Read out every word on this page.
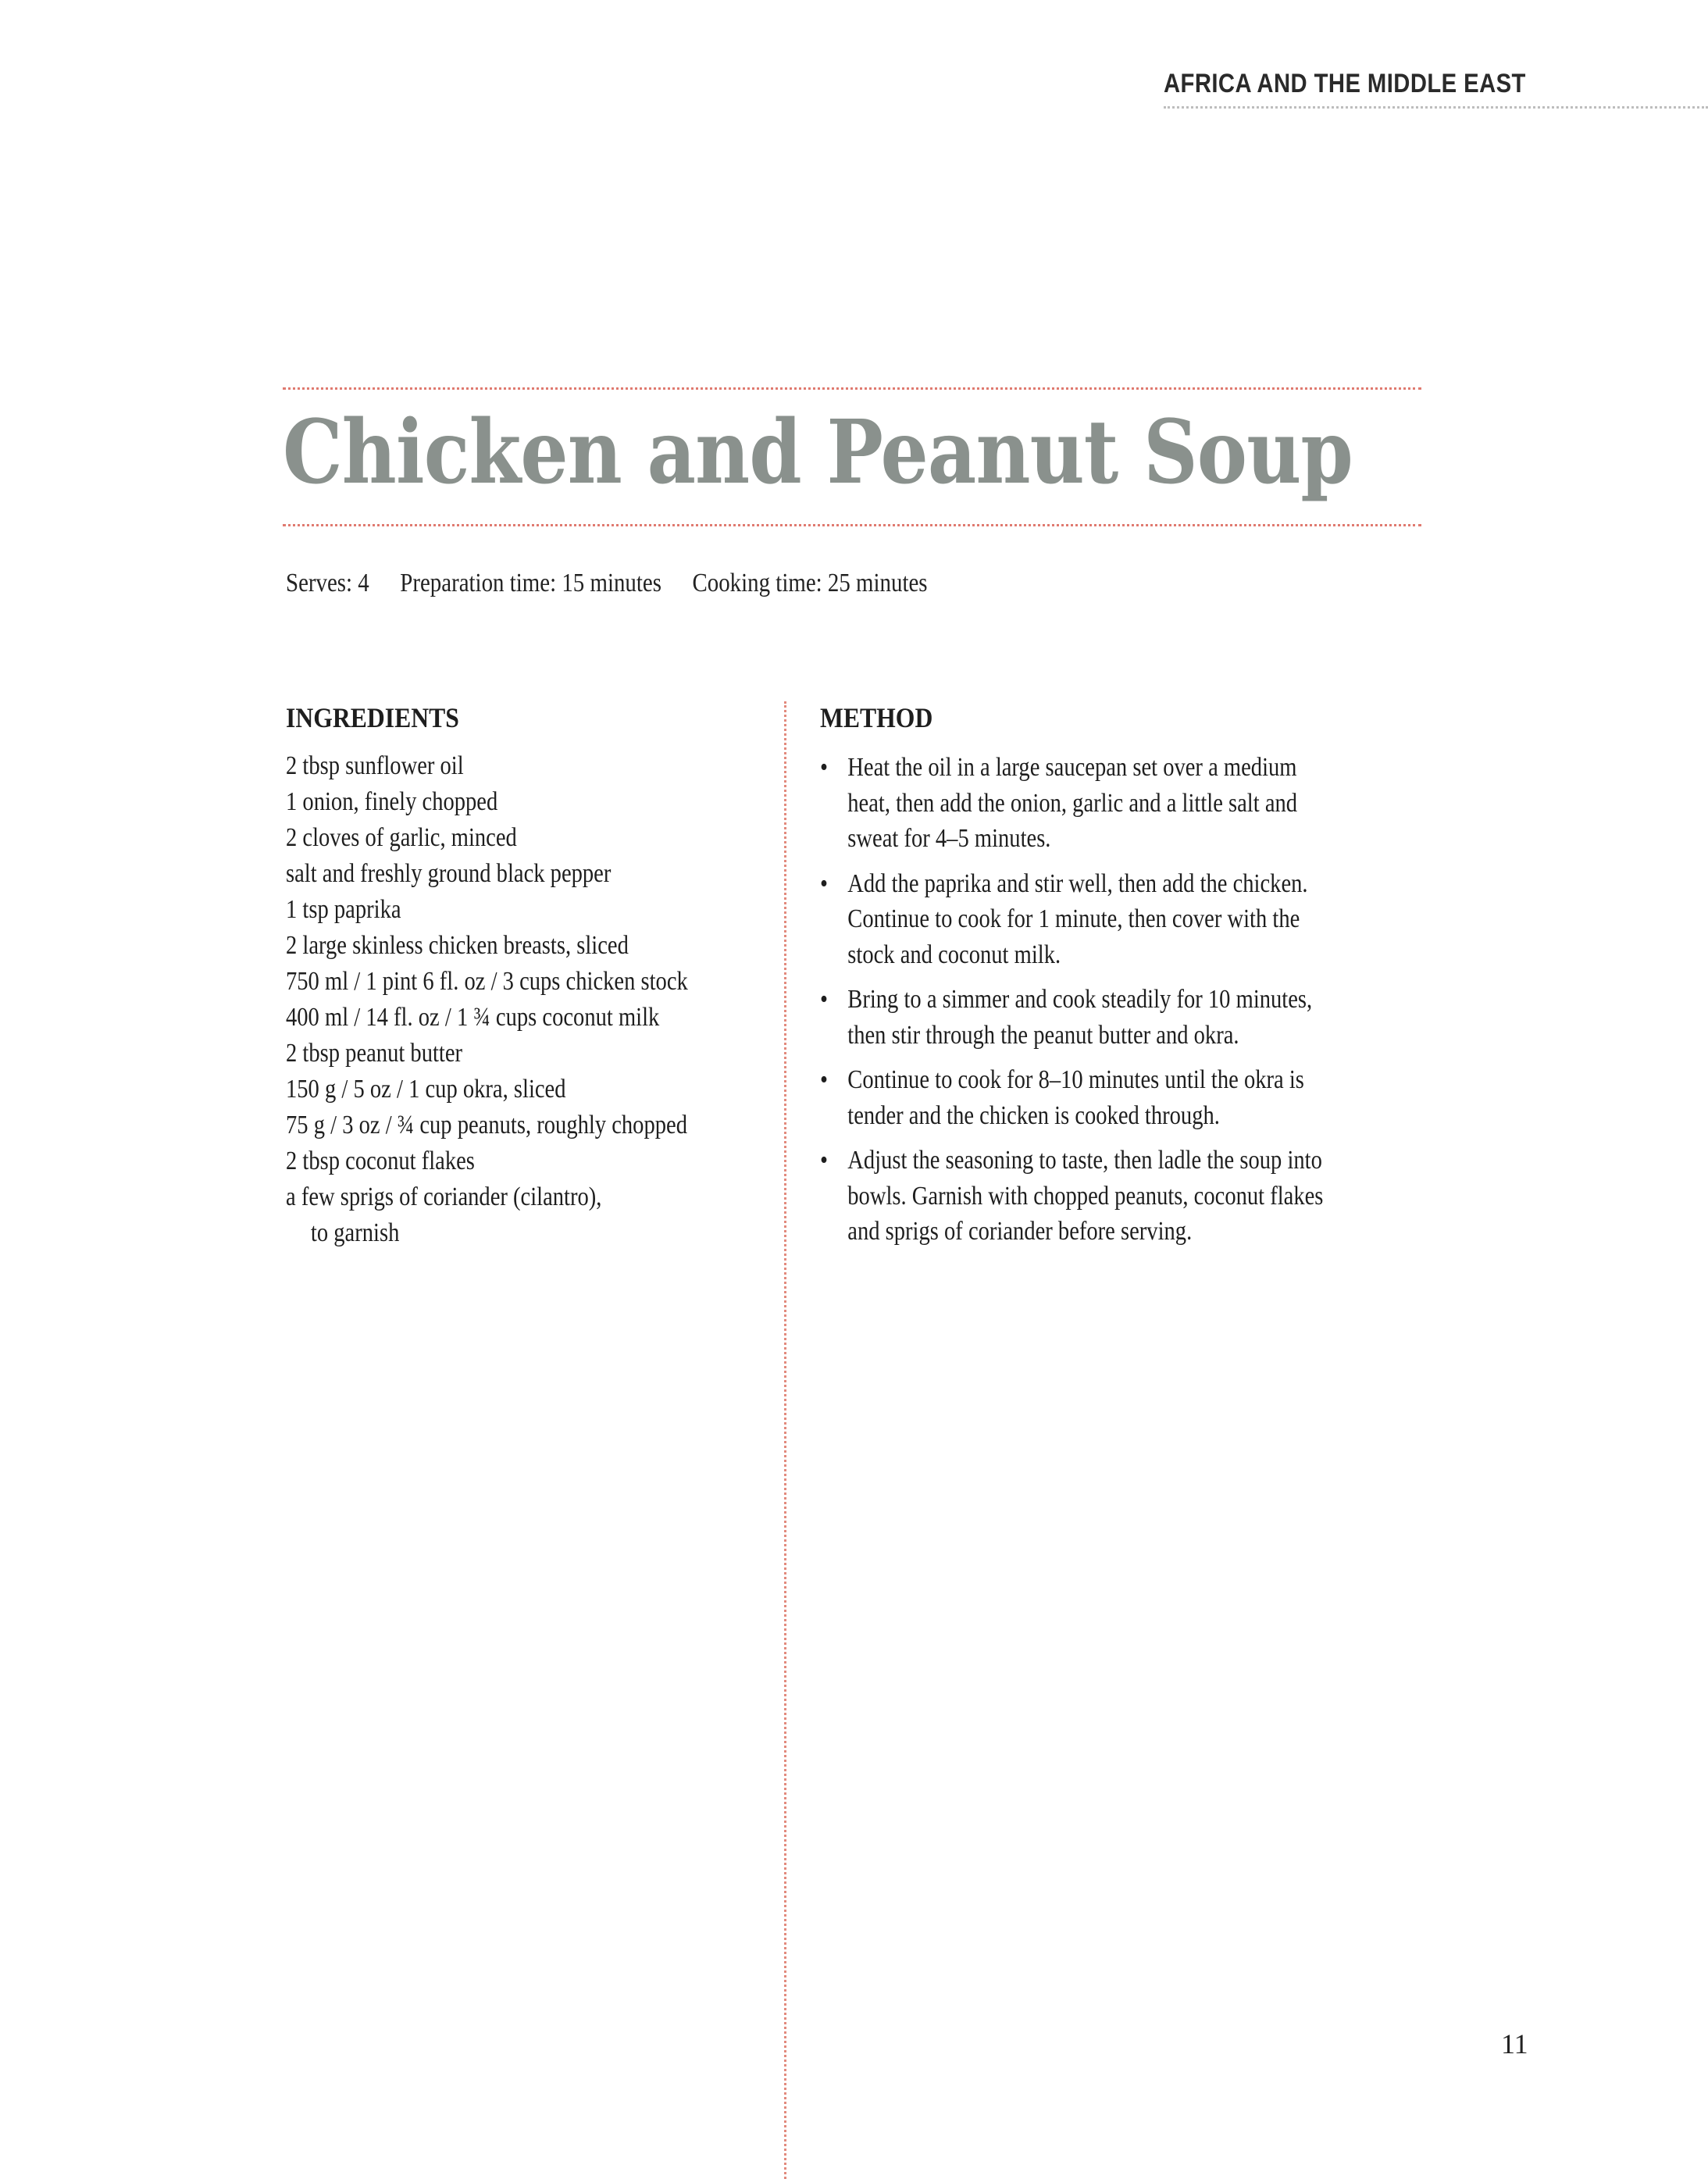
AFRICA AND THE MIDDLE EAST
Chicken and Peanut Soup
Serves: 4 Preparation time: 15 minutes Cooking time: 25 minutes
INGREDIENTS
2 tbsp sunflower oil
1 onion, finely chopped
2 cloves of garlic, minced
salt and freshly ground black pepper
1 tsp paprika
2 large skinless chicken breasts, sliced
750 ml / 1 pint 6 fl. oz / 3 cups chicken stock
400 ml / 14 fl. oz / 1 ¾ cups coconut milk
2 tbsp peanut butter
150 g / 5 oz / 1 cup okra, sliced
75 g / 3 oz / ¾ cup peanuts, roughly chopped
2 tbsp coconut flakes
a few sprigs of coriander (cilantro),
to garnish
METHOD
• Heat the oil in a large saucepan set over a medium
heat, then add the onion, garlic and a little salt and
sweat for 4–5 minutes.
• Add the paprika and stir well, then add the chicken.
Continue to cook for 1 minute, then cover with the
stock and coconut milk.
• Bring to a simmer and cook steadily for 10 minutes,
then stir through the peanut butter and okra.
• Continue to cook for 8–10 minutes until the okra is
tender and the chicken is cooked through.
• Adjust the seasoning to taste, then ladle the soup into
bowls. Garnish with chopped peanuts, coconut flakes
and sprigs of coriander before serving.
11
